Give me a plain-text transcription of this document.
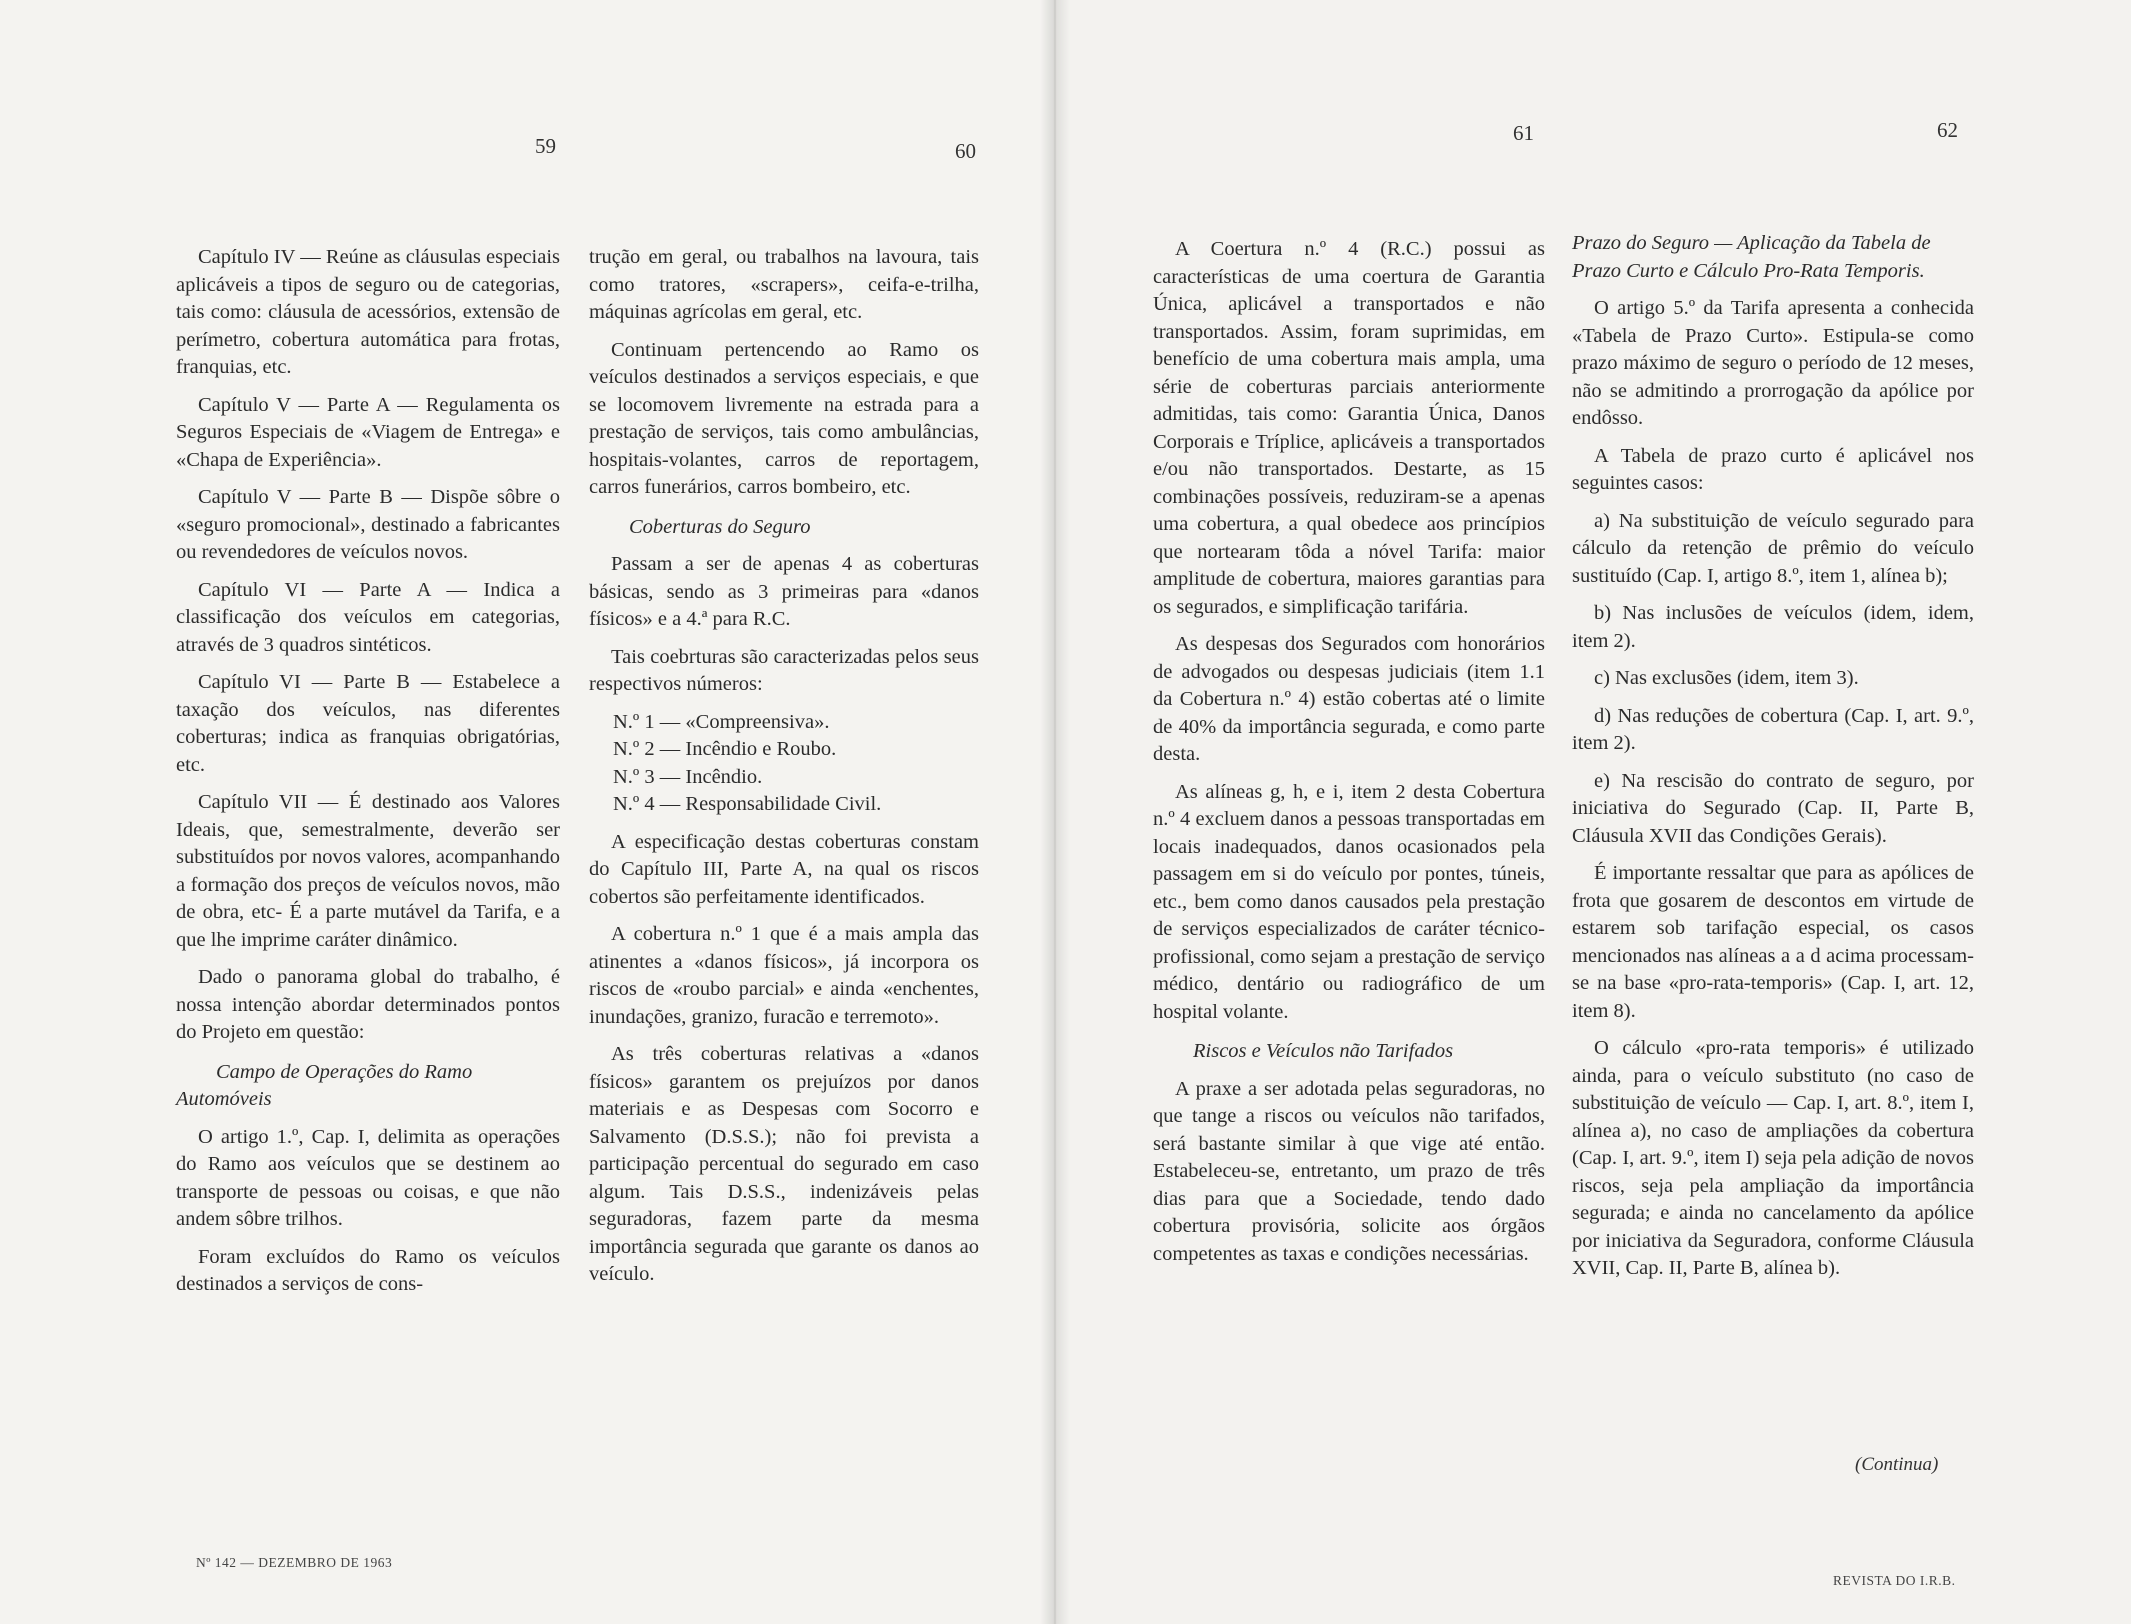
59	60
61	62

Capítulo IV — Reúne as cláusulas especiais aplicáveis a tipos de seguro ou de categorias, tais como: cláusula de acessórios, extensão de perímetro, cobertura automática para frotas, franquias, etc.

Capítulo V — Parte A — Regulamenta os Seguros Especiais de «Viagem de Entrega» e «Chapa de Experiência».

Capítulo V — Parte B — Dispõe sôbre o «seguro promocional», destinado a fabricantes ou revendedores de veículos novos.

Capítulo VI — Parte A — Indica a classificação dos veículos em categorias, através de 3 quadros sintéticos.

Capítulo VI — Parte B — Estabelece a taxação dos veículos, nas diferentes coberturas; indica as franquias obrigatórias, etc.

Capítulo VII — É destinado aos Valores Ideais, que, semestralmente, deverão ser substituídos por novos valores, acompanhando a formação dos preços de veículos novos, mão de obra, etc- É a parte mutável da Tarifa, e a que lhe imprime caráter dinâmico.

Dado o panorama global do trabalho, é nossa intenção abordar determinados pontos do Projeto em questão:

Campo de Operações do Ramo Automóveis

O artigo 1.º, Cap. I, delimita as operações do Ramo aos veículos que se destinem ao transporte de pessoas ou coisas, e que não andem sôbre trilhos.

Foram excluídos do Ramo os veículos destinados a serviços de cons-

trução em geral, ou trabalhos na lavoura, tais como tratores, «scrapers», ceifa-e-trilha, máquinas agrícolas em geral, etc.

Continuam pertencendo ao Ramo os veículos destinados a serviços especiais, e que se locomovem livremente na estrada para a prestação de serviços, tais como ambulâncias, hospitais-volantes, carros de reportagem, carros funerários, carros bombeiro, etc.

Coberturas do Seguro

Passam a ser de apenas 4 as coberturas básicas, sendo as 3 primeiras para «danos físicos» e a 4.ª para R.C.

Tais coebrturas são caracterizadas pelos seus respectivos números:

N.º 1 — «Compreensiva».
N.º 2 — Incêndio e Roubo.
N.º 3 — Incêndio.
N.º 4 — Responsabilidade Civil.

A especificação destas coberturas constam do Capítulo III, Parte A, na qual os riscos cobertos são perfeitamente identificados.

A cobertura n.º 1 que é a mais ampla das atinentes a «danos físicos», já incorpora os riscos de «roubo parcial» e ainda «enchentes, inundações, granizo, furacão e terremoto».

As três coberturas relativas a «danos físicos» garantem os prejuízos por danos materiais e as Despesas com Socorro e Salvamento (D.S.S.); não foi prevista a participação percentual do segurado em caso algum. Tais D.S.S., indenizáveis pelas seguradoras, fazem parte da mesma importância segurada que garante os danos ao veículo.

A Coertura n.º 4 (R.C.) possui as características de uma coertura de Garantia Única, aplicável a transportados e não transportados. Assim, foram suprimidas, em benefício de uma cobertura mais ampla, uma série de coberturas parciais anteriormente admitidas, tais como: Garantia Única, Danos Corporais e Tríplice, aplicáveis a transportados e/ou não transportados. Destarte, as 15 combinações possíveis, reduziram-se a apenas uma cobertura, a qual obedece aos princípios que nortearam tôda a nóvel Tarifa: maior amplitude de cobertura, maiores garantias para os segurados, e simplificação tarifária.

As despesas dos Segurados com honorários de advogados ou despesas judiciais (item 1.1 da Cobertura n.º 4) estão cobertas até o limite de 40% da importância segurada, e como parte desta.

As alíneas g, h, e i, item 2 desta Cobertura n.º 4 excluem danos a pessoas transportadas em locais inadequados, danos ocasionados pela passagem em si do veículo por pontes, túneis, etc., bem como danos causados pela prestação de serviços especializados de caráter técnico-profissional, como sejam a prestação de serviço médico, dentário ou radiográfico de um hospital volante.

Riscos e Veículos não Tarifados

A praxe a ser adotada pelas seguradoras, no que tange a riscos ou veículos não tarifados, será bastante similar à que vige até então. Estabeleceu-se, entretanto, um prazo de três dias para que a Sociedade, tendo dado cobertura provisória, solicite aos órgãos competentes as taxas e condições necessárias.

Prazo do Seguro — Aplicação da Tabela de Prazo Curto e Cálculo Pro-Rata Temporis.

O artigo 5.º da Tarifa apresenta a conhecida «Tabela de Prazo Curto». Estipula-se como prazo máximo de seguro o período de 12 meses, não se admitindo a prorrogação da apólice por endôsso.

A Tabela de prazo curto é aplicável nos seguintes casos:

a) Na substituição de veículo segurado para cálculo da retenção de prêmio do veículo sustituído (Cap. I, artigo 8.º, item 1, alínea b);

b) Nas inclusões de veículos (idem, idem, item 2).

c) Nas exclusões (idem, item 3).

d) Nas reduções de cobertura (Cap. I, art. 9.º, item 2).

e) Na rescisão do contrato de seguro, por iniciativa do Segurado (Cap. II, Parte B, Cláusula XVII das Condições Gerais).

É importante ressaltar que para as apólices de frota que gosarem de descontos em virtude de estarem sob tarifação especial, os casos mencionados nas alíneas a a d acima processam-se na base «pro-rata-temporis» (Cap. I, art. 12, item 8).

O cálculo «pro-rata temporis» é utilizado ainda, para o veículo substituto (no caso de substituição de veículo — Cap. I, art. 8.º, item I, alínea a), no caso de ampliações da cobertura (Cap. I, art. 9.º, item I) seja pela adição de novos riscos, seja pela ampliação da importância segurada; e ainda no cancelamento da apólice por iniciativa da Seguradora, conforme Cláusula XVII, Cap. II, Parte B, alínea b).

(Continua)
Nº 142 — DEZEMBRO DE 1963
REVISTA DO I.R.B.
